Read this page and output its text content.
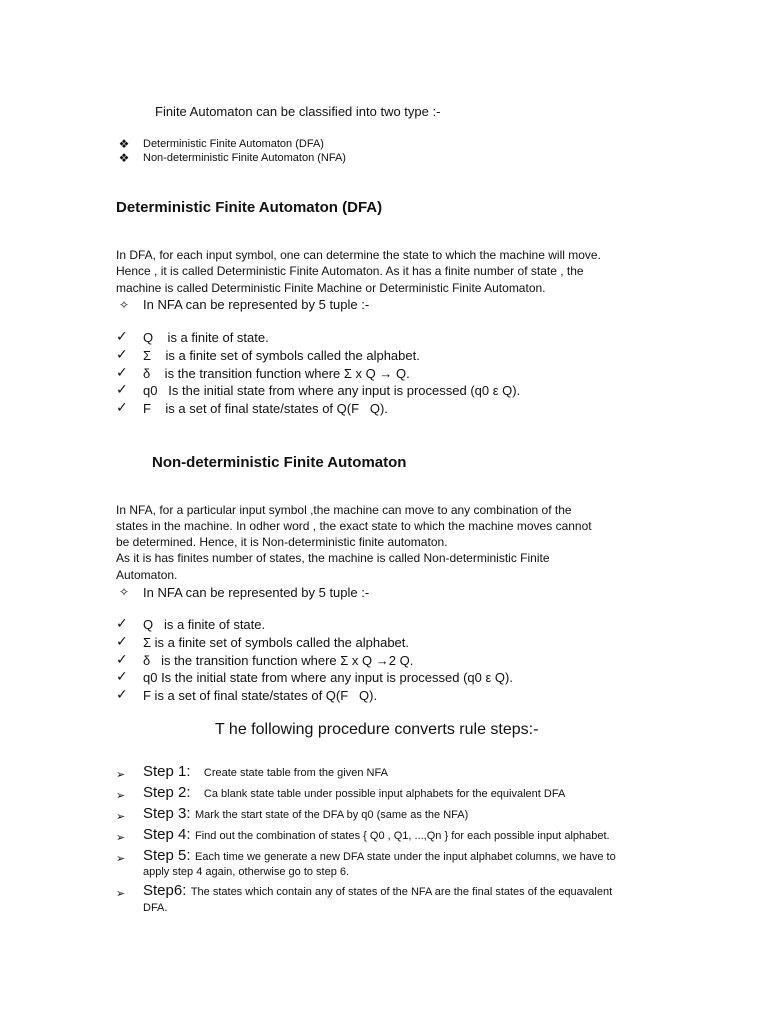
Finite Automaton can be classified into two type :-
❖ Deterministic Finite Automaton (DFA)
❖ Non-deterministic Finite Automaton (NFA)
Deterministic Finite Automaton (DFA)
In DFA, for each input symbol, one can determine the state to which the machine will move.
Hence , it is called Deterministic Finite Automaton. As it has a finite number of state , the
machine is called Deterministic Finite Machine or Deterministic Finite Automaton.
✧ In NFA can be represented by 5 tuple :-
✓ Q    is a finite of state.
✓ Σ    is a finite set of symbols called the alphabet.
✓ δ    is the transition function where Σ x Q → Q.
✓ q0   Is the initial state from where any input is processed (q0 ε Q).
✓ F    is a set of final state/states of Q(F   Q).
Non-deterministic Finite Automaton
In NFA, for a particular input symbol ,the machine can move to any combination of the
states in the machine. In odher word , the exact state to which the machine moves cannot
be determined. Hence, it is Non-deterministic finite automaton.
As it is has finites number of states, the machine is called Non-deterministic Finite
Automaton.
✧ In NFA can be represented by 5 tuple :-
✓ Q   is a finite of state.
✓ Σ is a finite set of symbols called the alphabet.
✓ δ   is the transition function where Σ x Q →2 Q.
✓ q0 Is the initial state from where any input is processed (q0 ε Q).
✓ F is a set of final state/states of Q(F   Q).
T he following procedure converts rule steps:-
➢ Step 1: Create state table from the given NFA
➢ Step 2: Ca blank state table under possible input alphabets for the equivalent DFA
➢ Step 3: Mark the start state of the DFA by q0 (same as the NFA)
➢ Step 4: Find out the combination of states { Q0 , Q1, ...,Qn } for each possible input alphabet.
➢ Step 5: Each time we generate a new DFA state under the input alphabet columns, we have to
apply step 4 again, otherwise go to step 6.
➢ Step6: The states which contain any of states of the NFA are the final states of the equavalent
DFA.
